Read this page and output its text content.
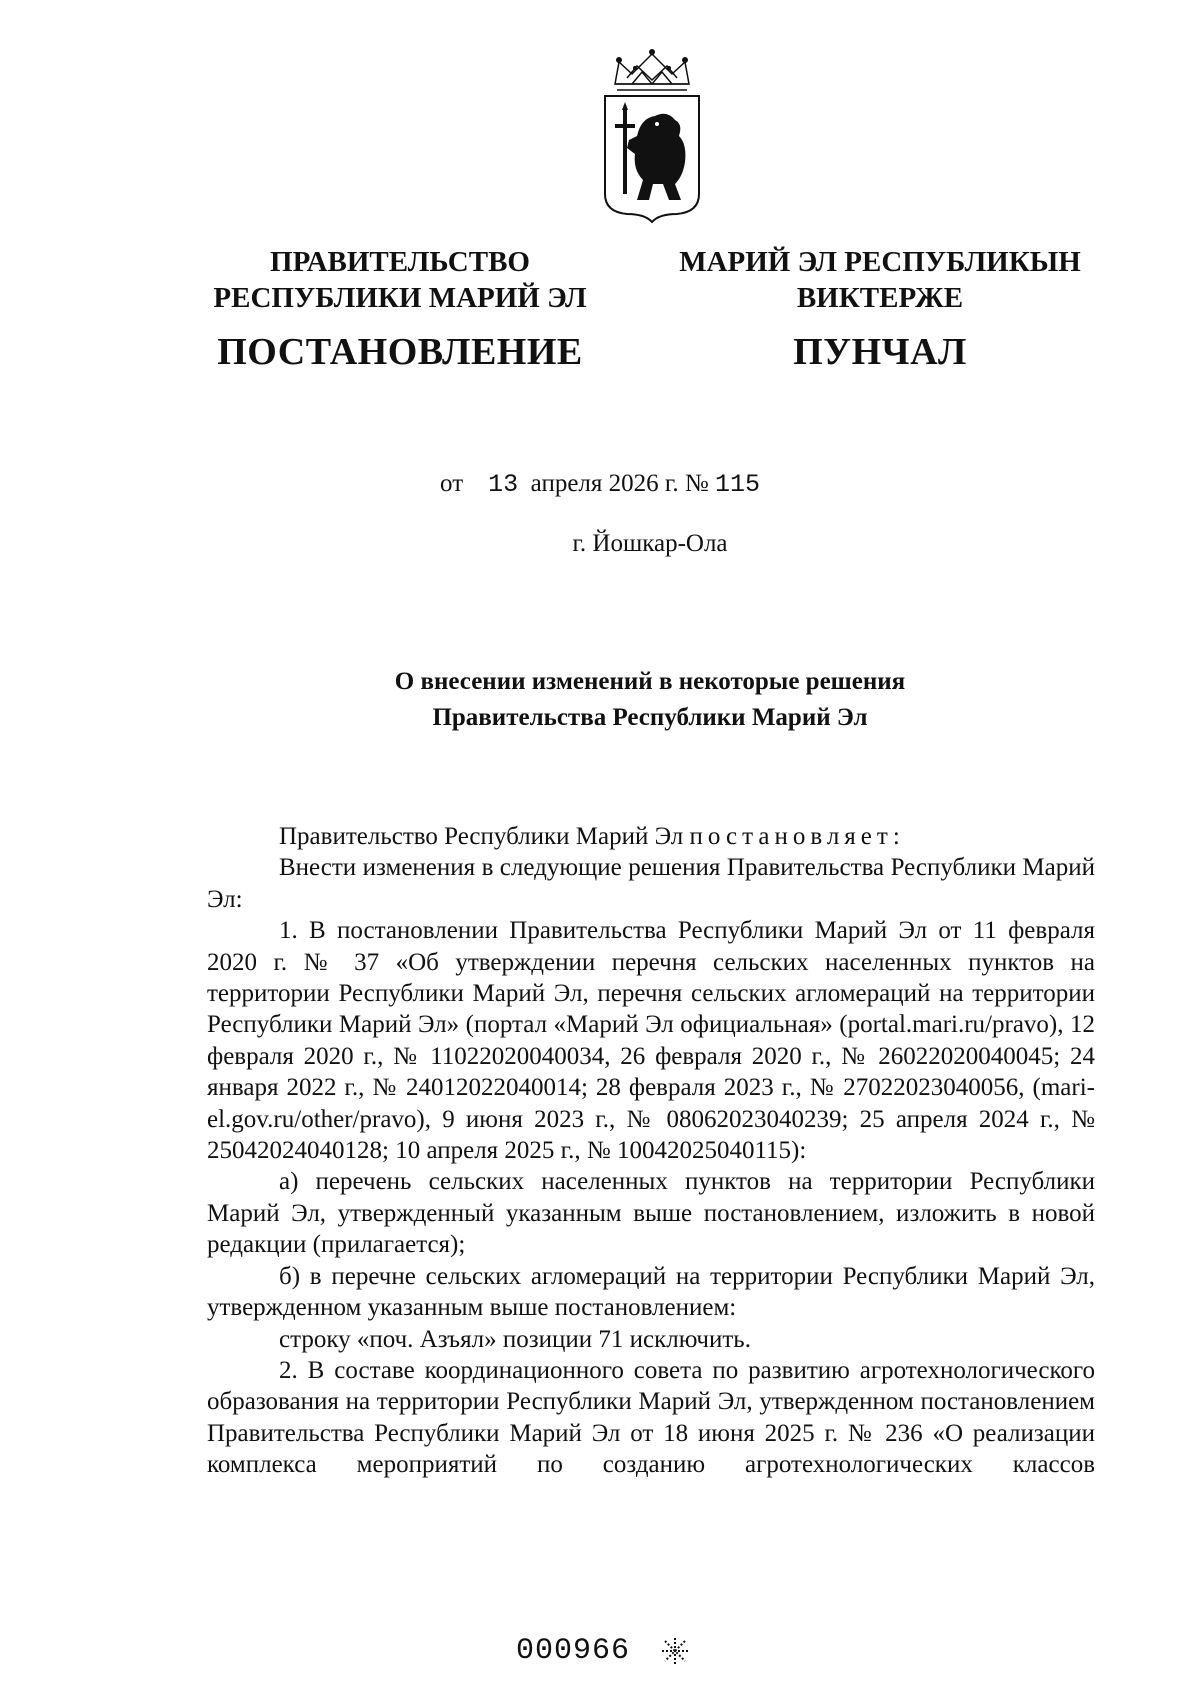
ПРАВИТЕЛЬСТВО
РЕСПУБЛИКИ МАРИЙ ЭЛ
МАРИЙ ЭЛ РЕСПУБЛИКЫН
ВИКТЕРЖЕ
ПОСТАНОВЛЕНИЕ	ПУНЧАЛ
от 13 апреля 2026 г. № 115
г. Йошкар-Ола
О внесении изменений в некоторые решения
Правительства Республики Марий Эл

Правительство Республики Марий Эл постановляет:

Внести изменения в следующие решения Правительства Республики Марий Эл:

1. В постановлении Правительства Республики Марий Эл от 11 февраля 2020 г. № 37 «Об утверждении перечня сельских населенных пунктов на территории Республики Марий Эл, перечня сельских агломераций на территории Республики Марий Эл» (портал «Марий Эл официальная» (portal.mari.ru/pravo), 12 февраля 2020 г., № 11022020040034, 26 февраля 2020 г., № 26022020040045; 24 января 2022 г., № 24012022040014; 28 февраля 2023 г., № 27022023040056, (mari-el.gov.ru/other/pravo), 9 июня 2023 г., № 08062023040239; 25 апреля 2024 г., № 25042024040128; 10 апреля 2025 г., № 10042025040115):

а) перечень сельских населенных пунктов на территории Республики Марий Эл, утвержденный указанным выше постановлением, изложить в новой редакции (прилагается);

б) в перечне сельских агломераций на территории Республики Марий Эл, утвержденном указанным выше постановлением:

строку «поч. Азъял» позиции 71 исключить.

2. В составе координационного совета по развитию агротехнологического образования на территории Республики Марий Эл, утвержденном постановлением Правительства Республики Марий Эл от 18 июня 2025 г. № 236 «О реализации комплекса мероприятий по созданию агротехнологических классов

000966
